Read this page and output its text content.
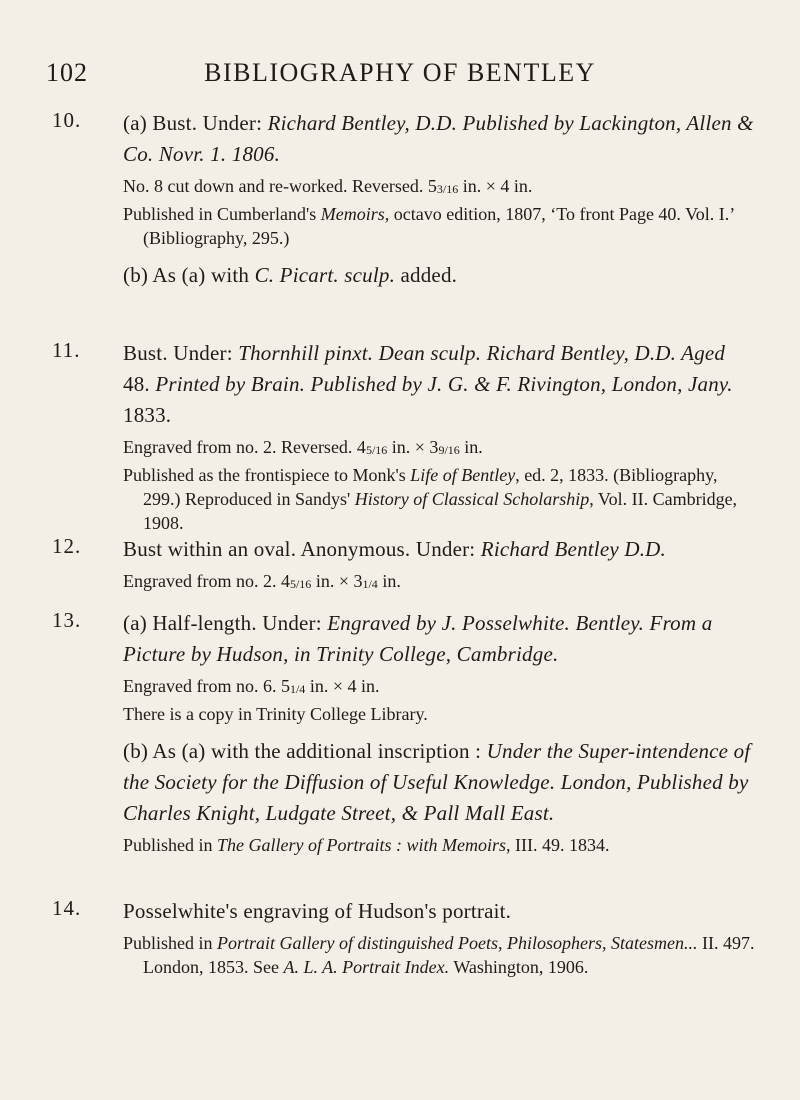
102	BIBLIOGRAPHY OF BENTLEY
10. (a) Bust. Under: Richard Bentley, D.D. Published by Lackington, Allen & Co. Novr. 1. 1806.
No. 8 cut down and re-worked. Reversed. 53/16 in. × 4 in.
Published in Cumberland's Memoirs, octavo edition, 1807, ‘To front Page 40. Vol. I.’ (Bibliography, 295.)
(b) As (a) with C. Picart. sculp. added.
11. Bust. Under: Thornhill pinxt. Dean sculp. Richard Bentley, D.D. Aged 48. Printed by Brain. Published by J. G. & F. Rivington, London, Jany. 1833.
Engraved from no. 2. Reversed. 45/16 in. × 39/16 in.
Published as the frontispiece to Monk's Life of Bentley, ed. 2, 1833. (Bibliography, 299.) Reproduced in Sandys' History of Classical Scholarship, Vol. II. Cambridge, 1908.
12. Bust within an oval. Anonymous. Under: Richard Bentley D.D.
Engraved from no. 2. 45/16 in. × 31/4 in.
13. (a) Half-length. Under: Engraved by J. Posselwhite. Bentley. From a Picture by Hudson, in Trinity College, Cambridge.
Engraved from no. 6. 51/4 in. × 4 in.
There is a copy in Trinity College Library.
(b) As (a) with the additional inscription : Under the Super-intendence of the Society for the Diffusion of Useful Knowledge. London, Published by Charles Knight, Ludgate Street, & Pall Mall East.
Published in The Gallery of Portraits : with Memoirs, III. 49. 1834.
14. Posselwhite's engraving of Hudson's portrait.
Published in Portrait Gallery of distinguished Poets, Philosophers, Statesmen... II. 497. London, 1853. See A. L. A. Portrait Index. Washington, 1906.
